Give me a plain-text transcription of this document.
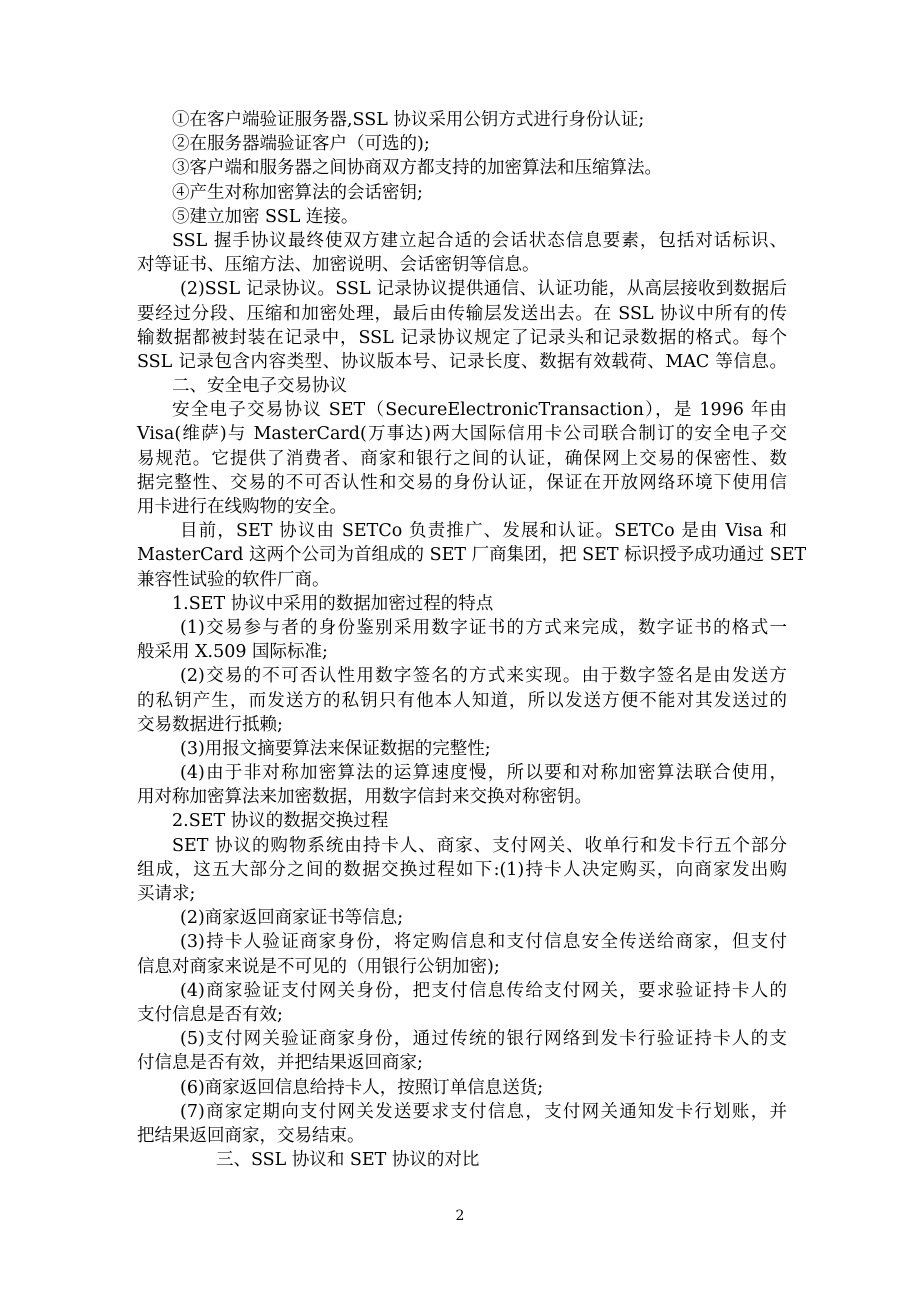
①在客户端验证服务器,SSL 协议采用公钥方式进行身份认证;
②在服务器端验证客户（可选的);
③客户端和服务器之间协商双方都支持的加密算法和压缩算法。
④产生对称加密算法的会话密钥;
⑤建立加密 SSL 连接。
SSL 握手协议最终使双方建立起合适的会话状态信息要素，包括对话标识、
对等证书、压缩方法、加密说明、会话密钥等信息。
(2)SSL 记录协议。SSL 记录协议提供通信、认证功能，从高层接收到数据后
要经过分段、压缩和加密处理，最后由传输层发送出去。在 SSL 协议中所有的传
输数据都被封装在记录中，SSL 记录协议规定了记录头和记录数据的格式。每个
SSL 记录包含内容类型、协议版本号、记录长度、数据有效载荷、MAC 等信息。
二、安全电子交易协议
安全电子交易协议 SET（SecureElectronicTransaction），是 1996 年由
Visa(维萨)与 MasterCard(万事达)两大国际信用卡公司联合制订的安全电子交
易规范。它提供了消费者、商家和银行之间的认证，确保网上交易的保密性、数
据完整性、交易的不可否认性和交易的身份认证，保证在开放网络环境下使用信
用卡进行在线购物的安全。
目前，SET 协议由 SETCo 负责推广、发展和认证。SETCo 是由 Visa 和
MasterCard 这两个公司为首组成的 SET 厂商集团，把 SET 标识授予成功通过 SET
兼容性试验的软件厂商。
1.SET 协议中采用的数据加密过程的特点
(1)交易参与者的身份鉴别采用数字证书的方式来完成，数字证书的格式一
般采用 X.509 国际标准;
(2)交易的不可否认性用数字签名的方式来实现。由于数字签名是由发送方
的私钥产生，而发送方的私钥只有他本人知道，所以发送方便不能对其发送过的
交易数据进行抵赖;
(3)用报文摘要算法来保证数据的完整性;
(4)由于非对称加密算法的运算速度慢，所以要和对称加密算法联合使用，
用对称加密算法来加密数据，用数字信封来交换对称密钥。
2.SET 协议的数据交换过程
SET 协议的购物系统由持卡人、商家、支付网关、收单行和发卡行五个部分
组成，这五大部分之间的数据交换过程如下:(1)持卡人决定购买，向商家发出购
买请求;
(2)商家返回商家证书等信息;
(3)持卡人验证商家身份，将定购信息和支付信息安全传送给商家，但支付
信息对商家来说是不可见的（用银行公钥加密);
(4)商家验证支付网关身份，把支付信息传给支付网关，要求验证持卡人的
支付信息是否有效;
(5)支付网关验证商家身份，通过传统的银行网络到发卡行验证持卡人的支
付信息是否有效，并把结果返回商家;
(6)商家返回信息给持卡人，按照订单信息送货;
(7)商家定期向支付网关发送要求支付信息，支付网关通知发卡行划账，并
把结果返回商家，交易结束。
三、SSL 协议和 SET 协议的对比
2
